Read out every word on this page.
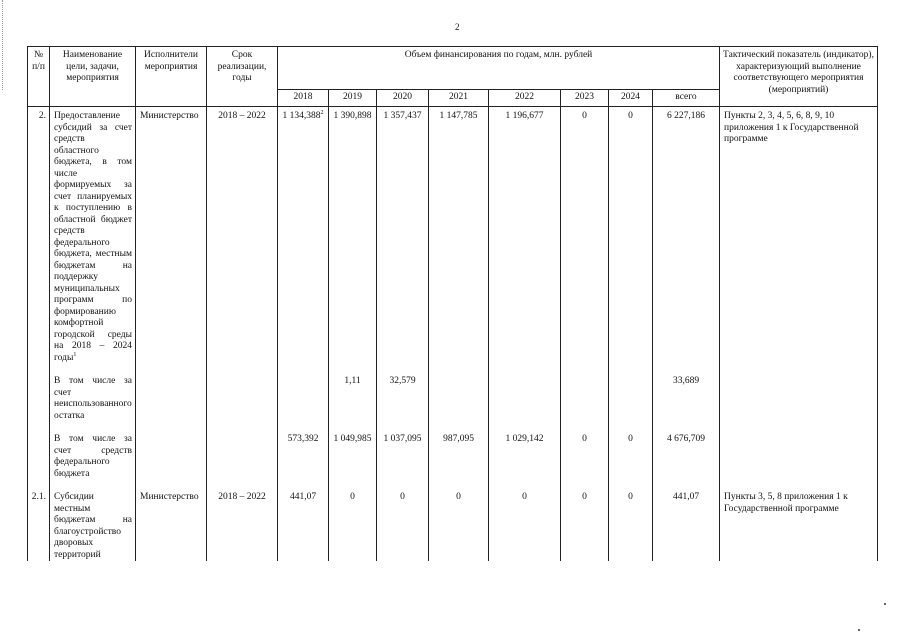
2
№ п/п	Наименование цели, задачи, мероприятия	Исполнители мероприятия	Срок реализации, годы	Объем финансирования по годам, млн. рублей								Тактический показатель (индикатор), характеризующий выполнение соответствующего мероприятия (мероприятий)
				2018	2019	2020	2021	2022	2023	2024	всего	
2.	Предоставление субсидий за счет средств областного бюджета, в том числе формируемых за счет планируемых к поступлению в областной бюджет средств федерального бюджета, местным бюджетам на поддержку муниципальных программ по формированию комфортной городской среды на 2018 – 2024 годы$^1$	Министерство	2018 – 2022	1 134,388$^2$	1 390,898	1 357,437	1 147,785	1 196,677	0	0	6 227,186	Пункты 2, 3, 4, 5, 6, 8, 9, 10 приложения 1 к Государственной программе

	В том числе за счет неиспользованного остатка				1,11	32,579					33,689	

	В том числе за счет средств федерального бюджета			573,392	1 049,985	1 037,095	987,095	1 029,142	0	0	4 676,709	

2.1.	Субсидии местным бюджетам на благоустройство дворовых территорий	Министерство	2018 – 2022	441,07	0	0	0	0	0	0	441,07	Пункты 3, 5, 8 приложения 1 к Государственной программе
